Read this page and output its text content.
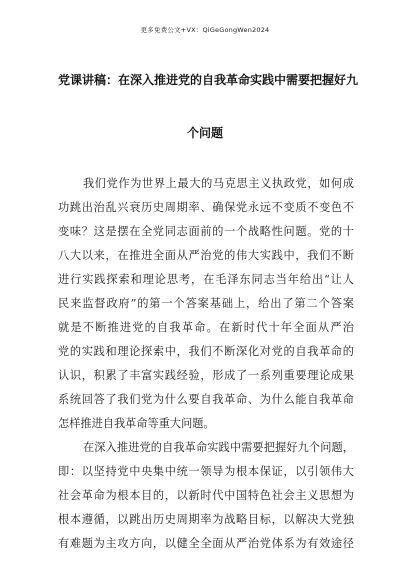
更多免费公文+VX：QiGeGongWen2024
党课讲稿：在深入推进党的自我革命实践中需要把握好九
个问题
我们党作为世界上最大的马克思主义执政党，如何成
功跳出治乱兴衰历史周期率、确保党永远不变质不变色不
变味？这是摆在全党同志面前的一个战略性问题。党的十
八大以来，在推进全面从严治党的伟大实践中，我们不断
进行实践探索和理论思考，在毛泽东同志当年给出“让人
民来监督政府”的第一个答案基础上，给出了第二个答案
就是不断推进党的自我革命。在新时代十年全面从严治
党的实践和理论探索中，我们不断深化对党的自我革命的
认识，积累了丰富实践经验，形成了一系列重要理论成果
系统回答了我们党为什么要自我革命、为什么能自我革命
怎样推进自我革命等重大问题。
在深入推进党的自我革命实践中需要把握好九个问题，
即：以坚持党中央集中统一领导为根本保证，以引领伟大
社会革命为根本目的，以新时代中国特色社会主义思想为
根本遵循，以跳出历史周期率为战略目标，以解决大党独
有难题为主攻方向，以健全全面从严治党体系为有效途径
